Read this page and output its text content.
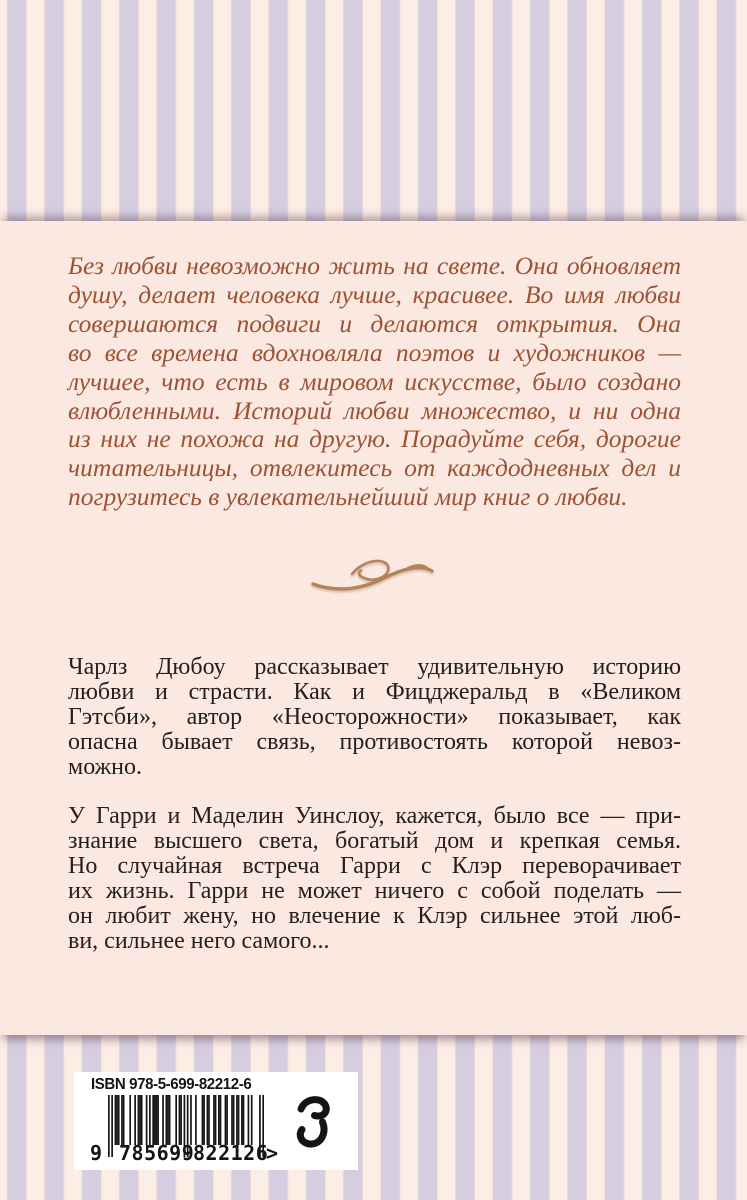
Без любви невозможно жить на свете. Она обновляет
душу, делает человека лучше, красивее. Во имя любви
совершаются подвиги и делаются открытия. Она
во все времена вдохновляла поэтов и художников —
лучшее, что есть в мировом искусстве, было создано
влюбленными. Историй любви множество, и ни одна
из них не похожа на другую. Порадуйте себя, дорогие
читательницы, отвлекитесь от каждодневных дел и
погрузитесь в увлекательнейший мир книг о любви.
Чарлз Дюбоу рассказывает удивительную историю
любви и страсти. Как и Фицджеральд в «Великом
Гэтсби», автор «Неосторожности» показывает, как
опасна бывает связь, противостоять которой невоз-
можно.
У Гарри и Маделин Уинслоу, кажется, было все — при-
знание высшего света, богатый дом и крепкая семья.
Но случайная встреча Гарри с Клэр переворачивает
их жизнь. Гарри не может ничего с собой поделать —
он любит жену, но влечение к Клэр сильнее этой люб-
ви, сильнее него самого...
ISBN 978-5-699-82212-6
9 785699
822126
>
